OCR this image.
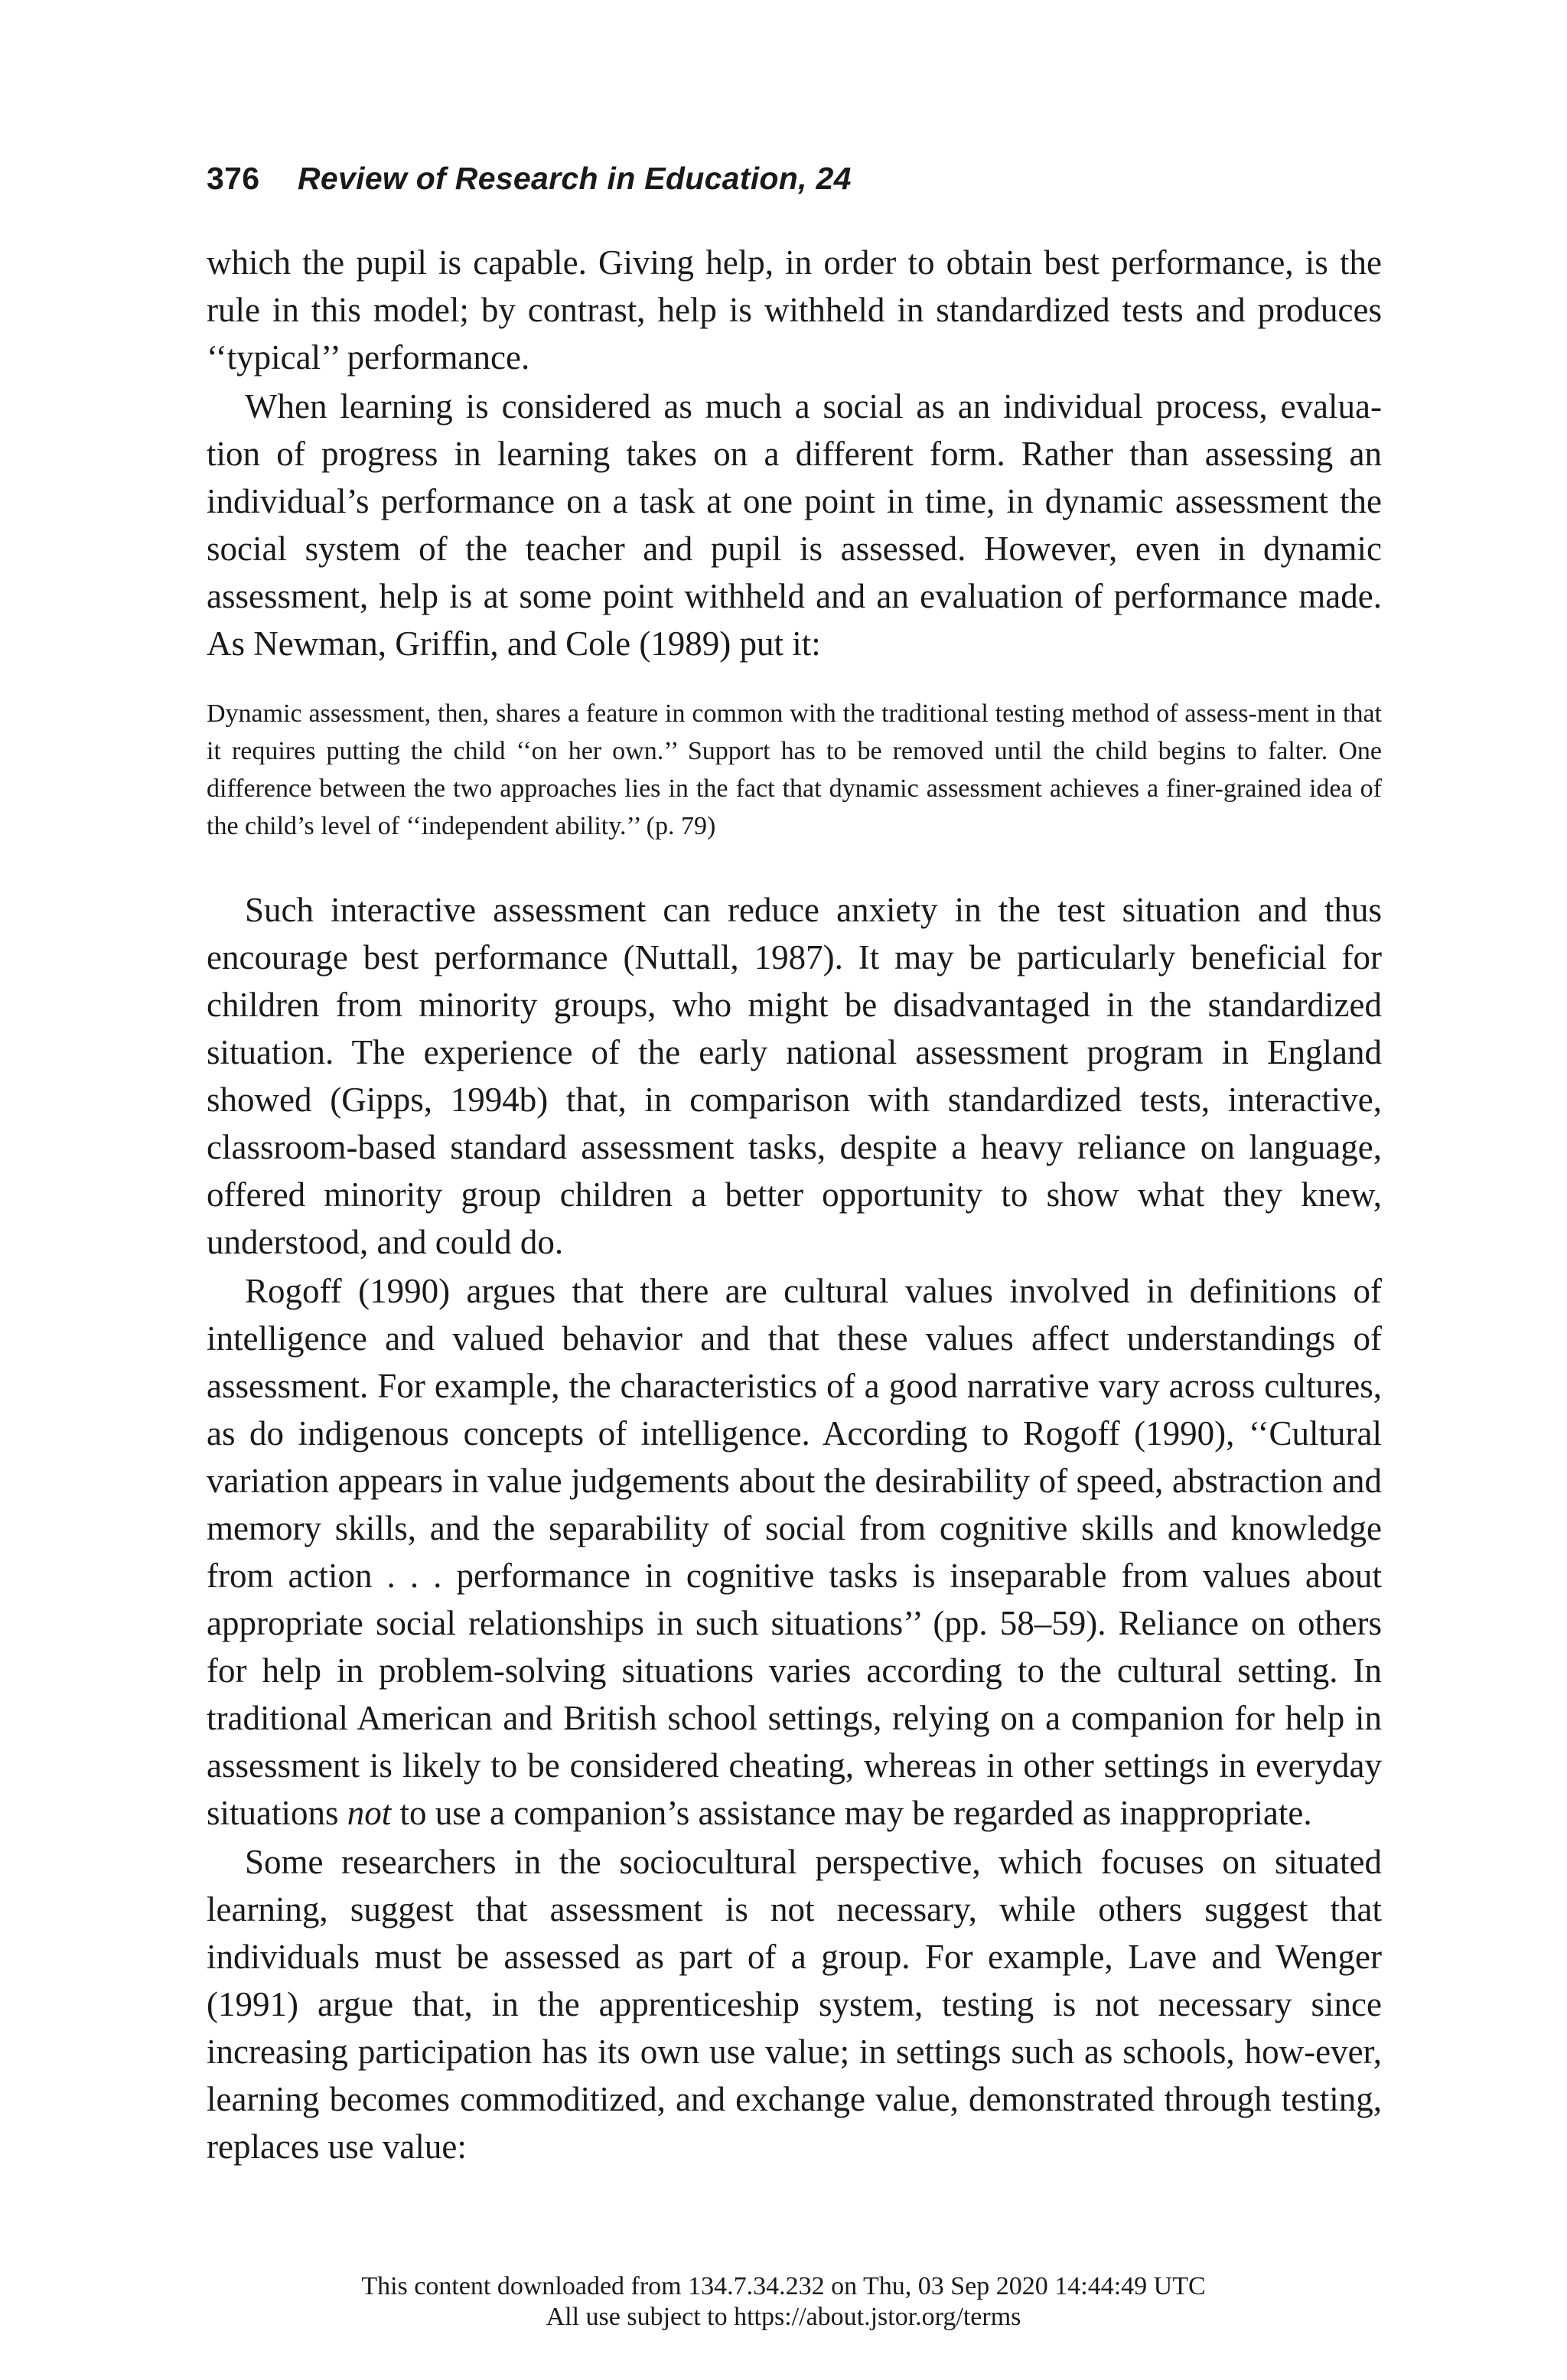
376 Review of Research in Education, 24

which the pupil is capable. Giving help, in order to obtain best performance, is the rule in this model; by contrast, help is withheld in standardized tests and produces ‘‘typical’’ performance.

When learning is considered as much a social as an individual process, evalua-tion of progress in learning takes on a different form. Rather than assessing an individual’s performance on a task at one point in time, in dynamic assessment the social system of the teacher and pupil is assessed. However, even in dynamic assessment, help is at some point withheld and an evaluation of performance made. As Newman, Griffin, and Cole (1989) put it:

Dynamic assessment, then, shares a feature in common with the traditional testing method of assess-ment in that it requires putting the child ‘‘on her own.’’ Support has to be removed until the child begins to falter. One difference between the two approaches lies in the fact that dynamic assessment achieves a finer-grained idea of the child’s level of ‘‘independent ability.’’ (p. 79)

Such interactive assessment can reduce anxiety in the test situation and thus encourage best performance (Nuttall, 1987). It may be particularly beneficial for children from minority groups, who might be disadvantaged in the standardized situation. The experience of the early national assessment program in England showed (Gipps, 1994b) that, in comparison with standardized tests, interactive, classroom-based standard assessment tasks, despite a heavy reliance on language, offered minority group children a better opportunity to show what they knew, understood, and could do.

Rogoff (1990) argues that there are cultural values involved in definitions of intelligence and valued behavior and that these values affect understandings of assessment. For example, the characteristics of a good narrative vary across cultures, as do indigenous concepts of intelligence. According to Rogoff (1990), ‘‘Cultural variation appears in value judgements about the desirability of speed, abstraction and memory skills, and the separability of social from cognitive skills and knowledge from action . . . performance in cognitive tasks is inseparable from values about appropriate social relationships in such situations’’ (pp. 58–59). Reliance on others for help in problem-solving situations varies according to the cultural setting. In traditional American and British school settings, relying on a companion for help in assessment is likely to be considered cheating, whereas in other settings in everyday situations not to use a companion’s assistance may be regarded as inappropriate.

Some researchers in the sociocultural perspective, which focuses on situated learning, suggest that assessment is not necessary, while others suggest that individuals must be assessed as part of a group. For example, Lave and Wenger (1991) argue that, in the apprenticeship system, testing is not necessary since increasing participation has its own use value; in settings such as schools, how-ever, learning becomes commoditized, and exchange value, demonstrated through testing, replaces use value:

This content downloaded from 134.7.34.232 on Thu, 03 Sep 2020 14:44:49 UTC
All use subject to https://about.jstor.org/terms
